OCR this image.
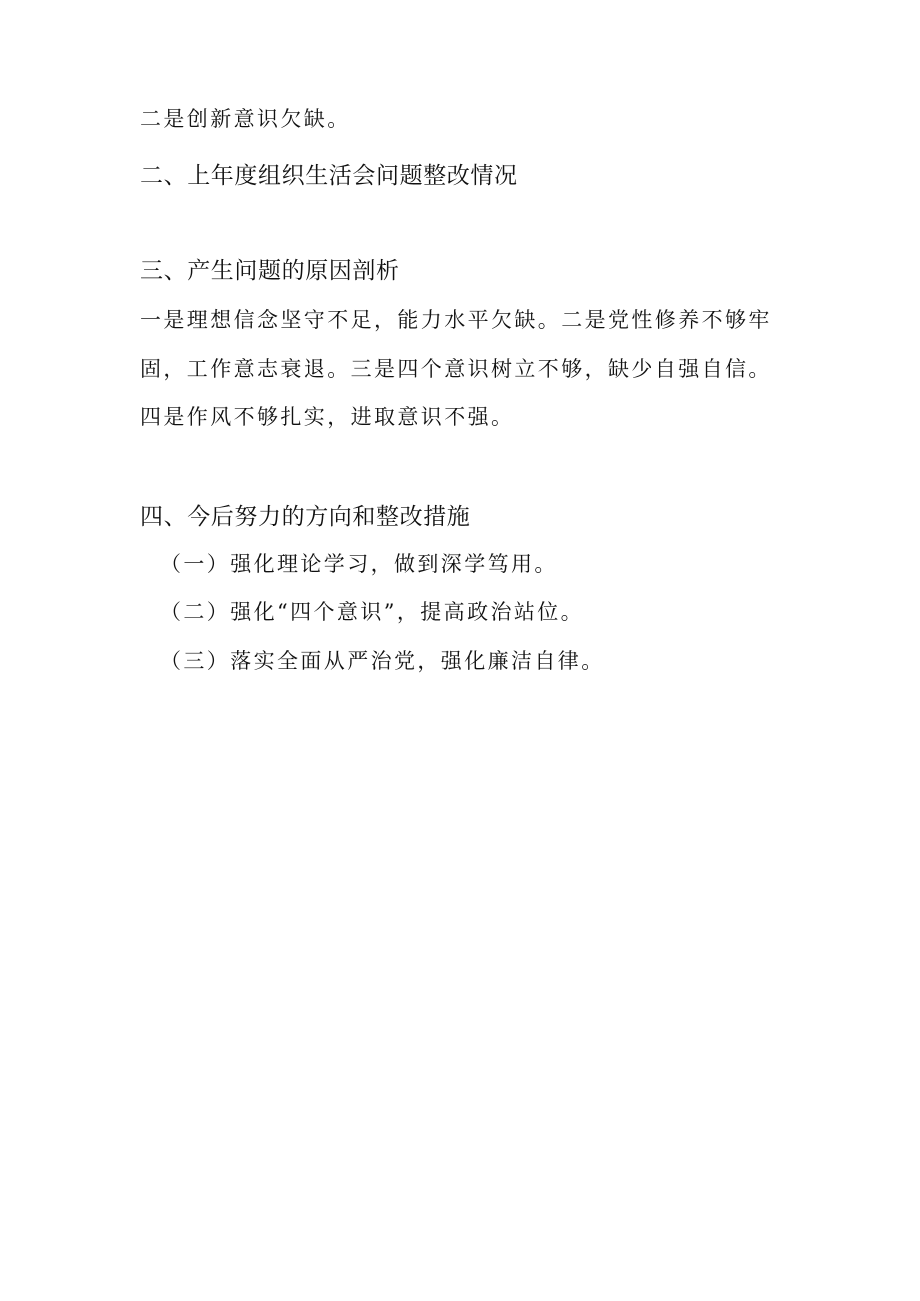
二是创新意识欠缺。
二、上年度组织生活会问题整改情况
三、产生问题的原因剖析
一是理想信念坚守不足，能力水平欠缺。二是党性修养不够牢
固，工作意志衰退。三是四个意识树立不够，缺少自强自信。
四是作风不够扎实，进取意识不强。
四、今后努力的方向和整改措施
（一）强化理论学习，做到深学笃用。
（二）强化“四个意识”，提高政治站位。
（三）落实全面从严治党，强化廉洁自律。
